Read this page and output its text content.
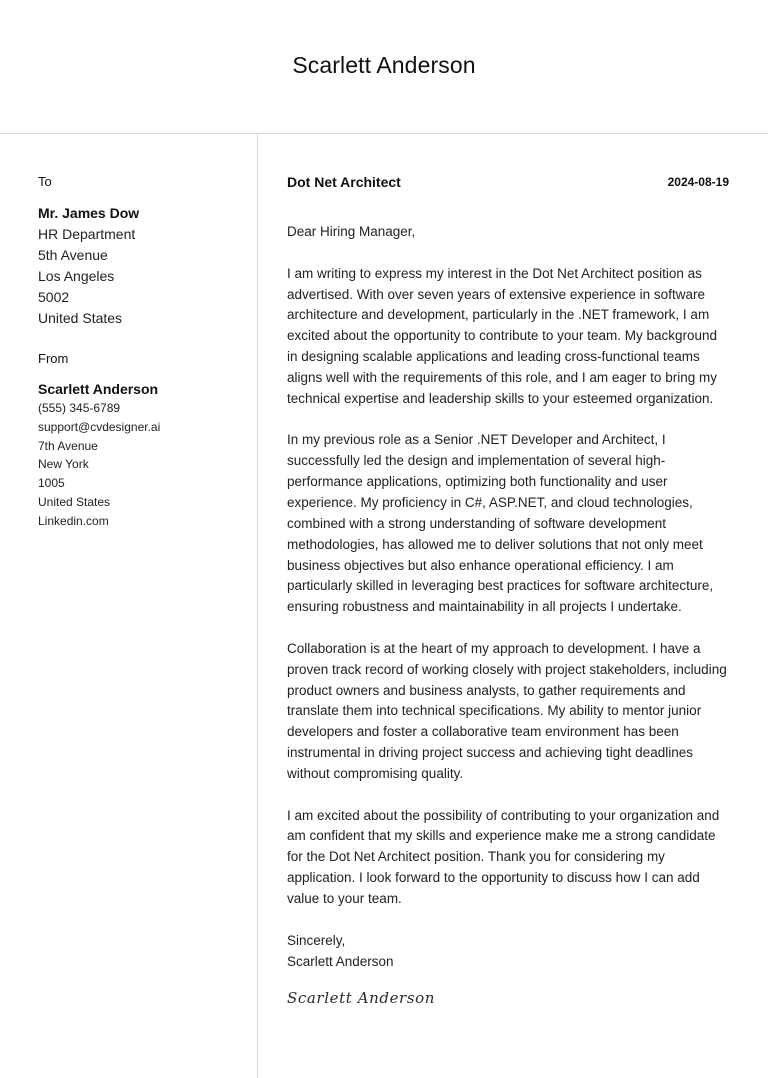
Scarlett Anderson
To
Mr. James Dow
HR Department
5th Avenue
Los Angeles
5002
United States
From
Scarlett Anderson
(555) 345-6789
support@cvdesigner.ai
7th Avenue
New York
1005
United States
Linkedin.com
Dot Net Architect	2024-08-19
Dear Hiring Manager,

I am writing to express my interest in the Dot Net Architect position as advertised. With over seven years of extensive experience in software architecture and development, particularly in the .NET framework, I am excited about the opportunity to contribute to your team. My background in designing scalable applications and leading cross-functional teams aligns well with the requirements of this role, and I am eager to bring my technical expertise and leadership skills to your esteemed organization.

In my previous role as a Senior .NET Developer and Architect, I successfully led the design and implementation of several high-performance applications, optimizing both functionality and user experience. My proficiency in C#, ASP.NET, and cloud technologies, combined with a strong understanding of software development methodologies, has allowed me to deliver solutions that not only meet business objectives but also enhance operational efficiency. I am particularly skilled in leveraging best practices for software architecture, ensuring robustness and maintainability in all projects I undertake.

Collaboration is at the heart of my approach to development. I have a proven track record of working closely with project stakeholders, including product owners and business analysts, to gather requirements and translate them into technical specifications. My ability to mentor junior developers and foster a collaborative team environment has been instrumental in driving project success and achieving tight deadlines without compromising quality.

I am excited about the possibility of contributing to your organization and am confident that my skills and experience make me a strong candidate for the Dot Net Architect position. Thank you for considering my application. I look forward to the opportunity to discuss how I can add value to your team.

Sincerely,

Scarlett Anderson

Scarlett Anderson
